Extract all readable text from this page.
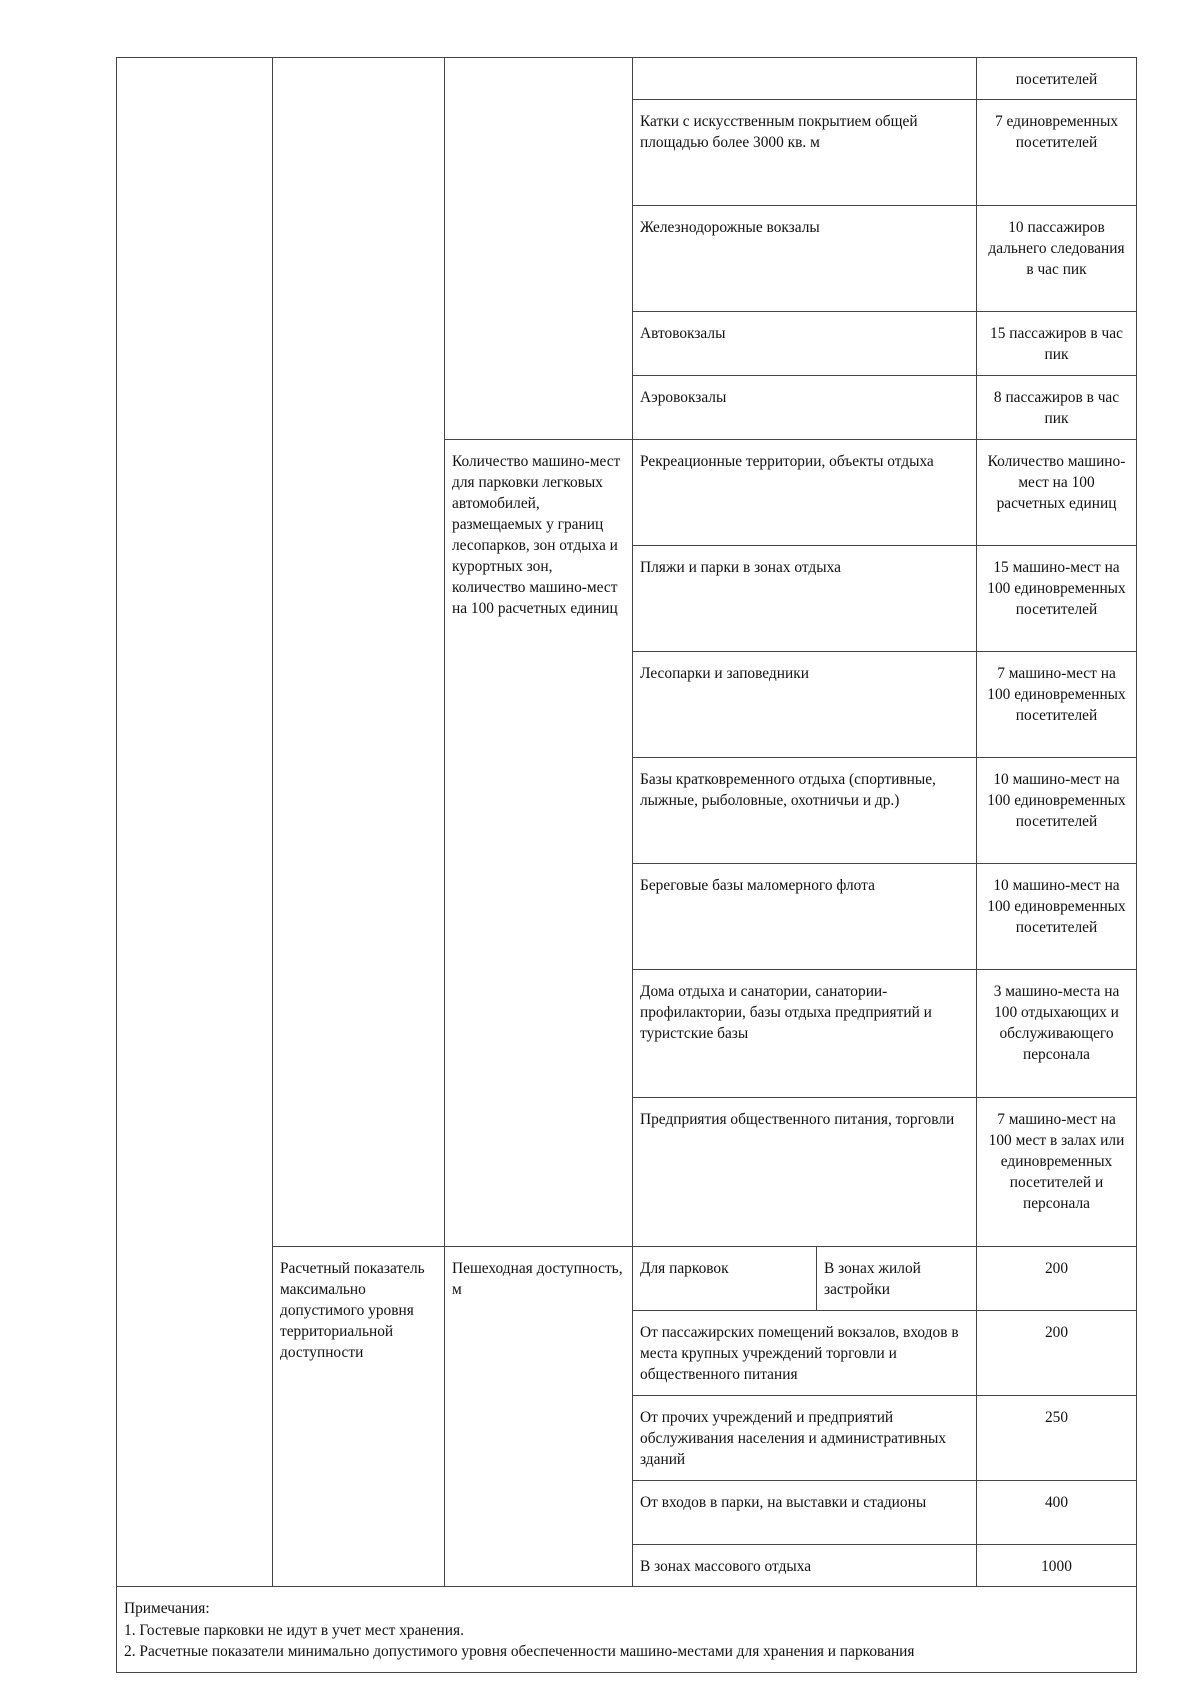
					посетителей
			Катки с искусственным покрытием общей площадью более 3000 кв. м		7 единовременных посетителей
			Железнодорожные вокзалы		10 пассажиров дальнего следования в час пик
			Автовокзалы		15 пассажиров в час пик
			Аэровокзалы		8 пассажиров в час пик
		Количество машино-мест для парковки легковых автомобилей, размещаемых у границ лесопарков, зон отдыха и курортных зон, количество машино-мест на 100 расчетных единиц	Рекреационные территории, объекты отдыха		Количество машино-мест на 100 расчетных единиц
			Пляжи и парки в зонах отдыха		15 машино-мест на 100 единовременных посетителей
			Лесопарки и заповедники		7 машино-мест на 100 единовременных посетителей
			Базы кратковременного отдыха (спортивные, лыжные, рыболовные, охотничьи и др.)		10 машино-мест на 100 единовременных посетителей
			Береговые базы маломерного флота		10 машино-мест на 100 единовременных посетителей
			Дома отдыха и санатории, санатории-профилактории, базы отдыха предприятий и туристские базы		3 машино-места на 100 отдыхающих и обслуживающего персонала
			Предприятия общественного питания, торговли		7 машино-мест на 100 мест в залах или единовременных посетителей и персонала
	Расчетный показатель максимально допустимого уровня территориальной доступности	Пешеходная доступность, м	Для парковок	В зонах жилой застройки	200
			От пассажирских помещений вокзалов, входов в места крупных учреждений торговли и общественного питания		200
			От прочих учреждений и предприятий обслуживания населения и административных зданий		250
			От входов в парки, на выставки и стадионы		400
			В зонах массового отдыха		1000

Примечания:
1. Гостевые парковки не идут в учет мест хранения.
2. Расчетные показатели минимально допустимого уровня обеспеченности машино-местами для хранения и паркования					
